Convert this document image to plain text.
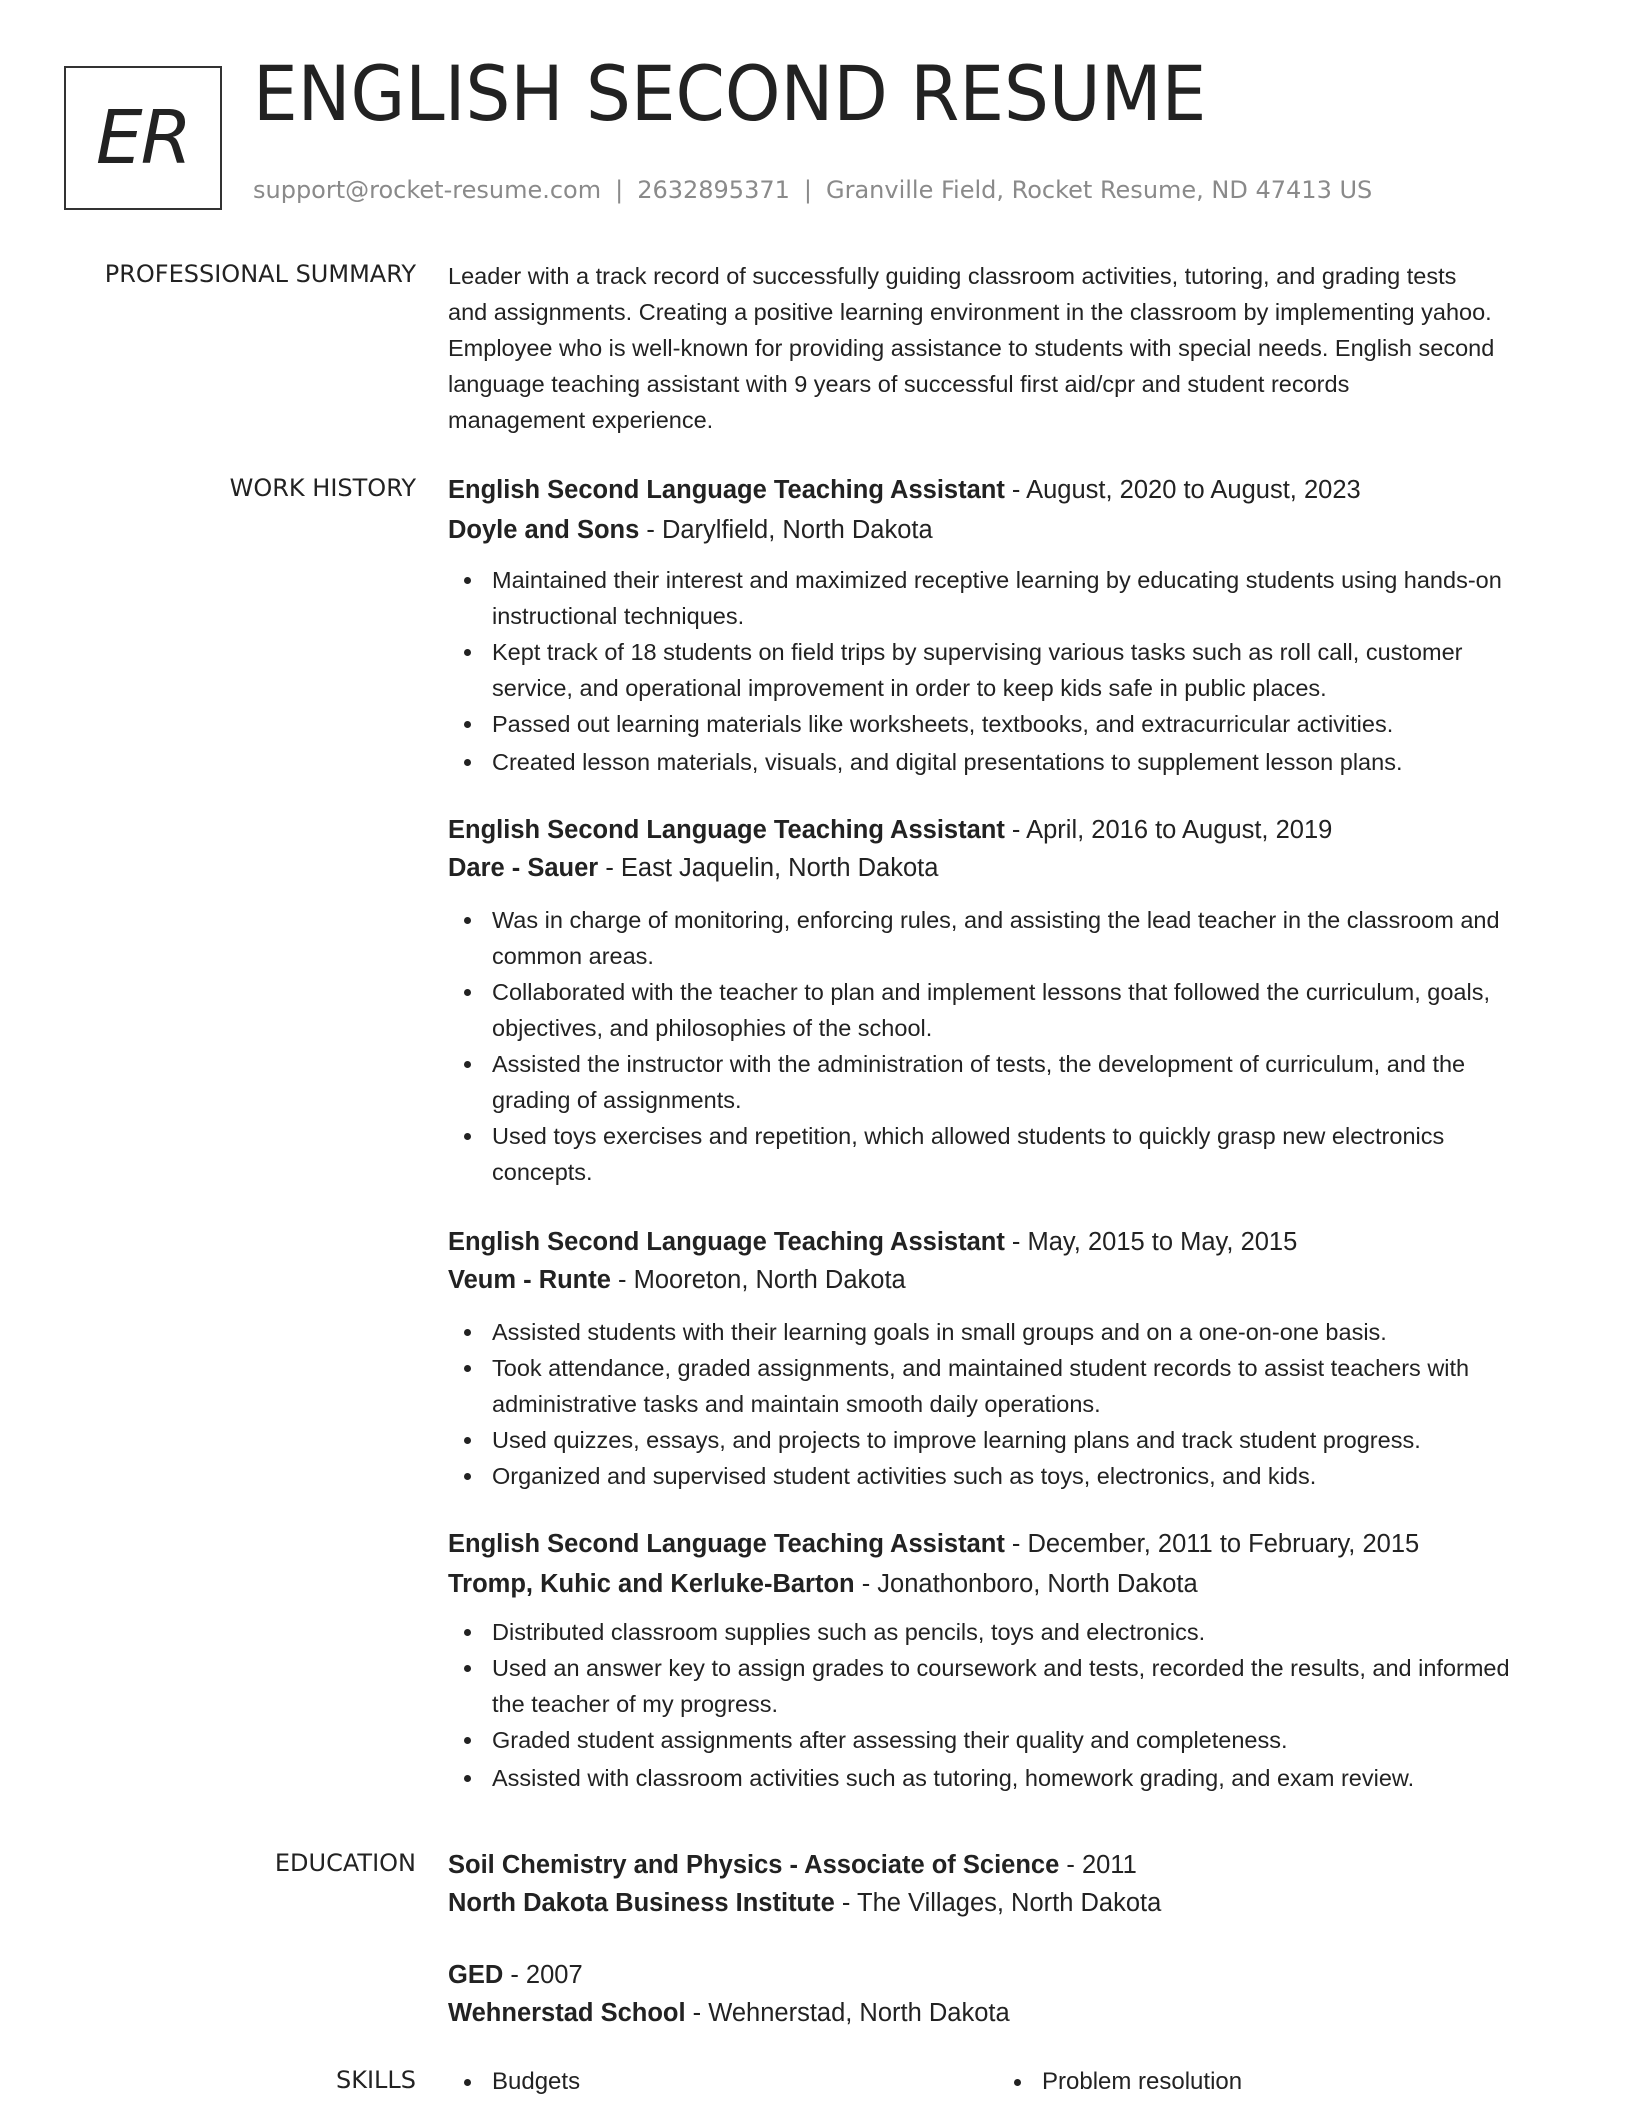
ER ENGLISH SECOND RESUME
support@rocket-resume.com | 2632895371 | Granville Field, Rocket Resume, ND 47413 US
PROFESSIONAL SUMMARY Leader with a track record of successfully guiding classroom activities, tutoring, and grading tests
and assignments. Creating a positive learning environment in the classroom by implementing yahoo.
Employee who is well-known for providing assistance to students with special needs. English second
language teaching assistant with 9 years of successful first aid/cpr and student records
management experience.
WORK HISTORY English Second Language Teaching Assistant - August, 2020 to August, 2023
Doyle and Sons - Darylfield, North Dakota
Maintained their interest and maximized receptive learning by educating students using hands-on
instructional techniques.
Kept track of 18 students on field trips by supervising various tasks such as roll call, customer
service, and operational improvement in order to keep kids safe in public places.
Passed out learning materials like worksheets, textbooks, and extracurricular activities.
Created lesson materials, visuals, and digital presentations to supplement lesson plans.
English Second Language Teaching Assistant - April, 2016 to August, 2019
Dare - Sauer - East Jaquelin, North Dakota
Was in charge of monitoring, enforcing rules, and assisting the lead teacher in the classroom and
common areas.
Collaborated with the teacher to plan and implement lessons that followed the curriculum, goals,
objectives, and philosophies of the school.
Assisted the instructor with the administration of tests, the development of curriculum, and the
grading of assignments.
Used toys exercises and repetition, which allowed students to quickly grasp new electronics
concepts.
English Second Language Teaching Assistant - May, 2015 to May, 2015
Veum - Runte - Mooreton, North Dakota
Assisted students with their learning goals in small groups and on a one-on-one basis.
Took attendance, graded assignments, and maintained student records to assist teachers with
administrative tasks and maintain smooth daily operations.
Used quizzes, essays, and projects to improve learning plans and track student progress.
Organized and supervised student activities such as toys, electronics, and kids.
English Second Language Teaching Assistant - December, 2011 to February, 2015
Tromp, Kuhic and Kerluke-Barton - Jonathonboro, North Dakota
Distributed classroom supplies such as pencils, toys and electronics.
Used an answer key to assign grades to coursework and tests, recorded the results, and informed
the teacher of my progress.
Graded student assignments after assessing their quality and completeness.
Assisted with classroom activities such as tutoring, homework grading, and exam review.
EDUCATION Soil Chemistry and Physics - Associate of Science - 2011
North Dakota Business Institute - The Villages, North Dakota
GED - 2007
Wehnerstad School - Wehnerstad, North Dakota
SKILLS	Budgets	Problem resolution
